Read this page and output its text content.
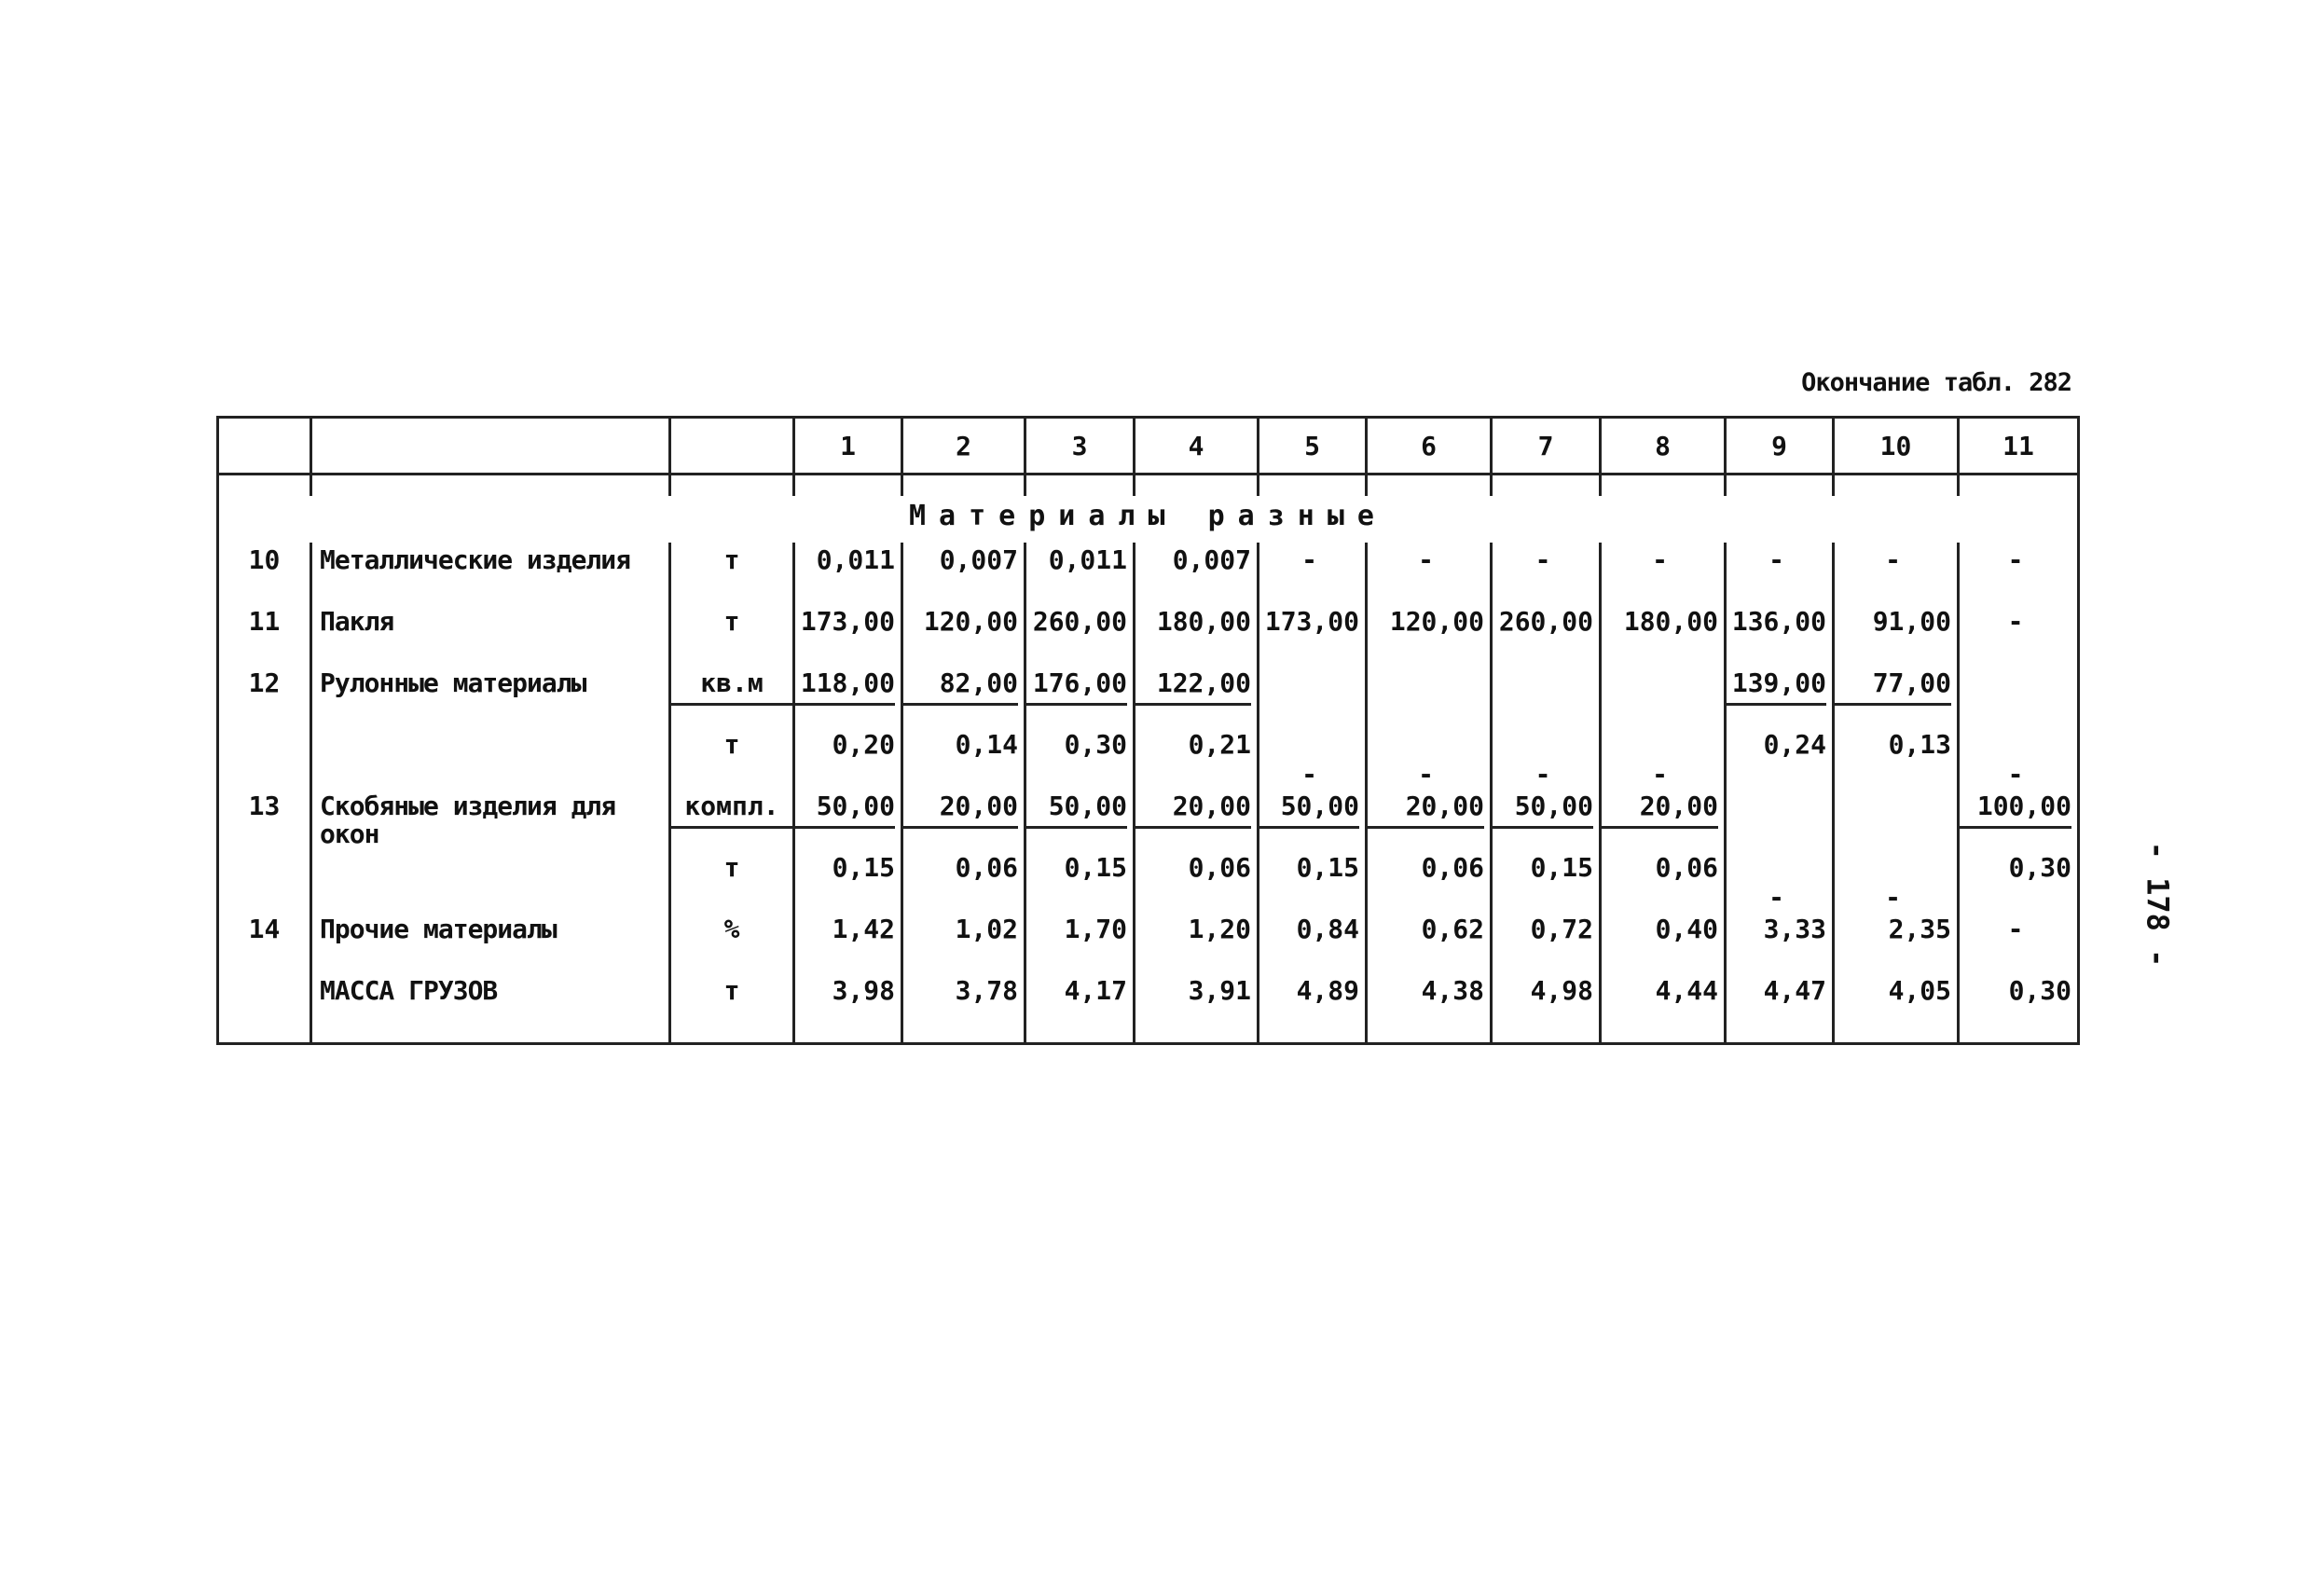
Окончание табл. 282
- 178 -
			1	2	3	4	5	6	7	8	9	10	11

Материалы разные													
10	Металлические изделия	т	0,011	0,007	0,011	0,007	-	-	-	-	-	-	-
11	Пакля	т	173,00	120,00	260,00	180,00	173,00	120,00	260,00	180,00	136,00	91,00	-
12	Рулонные материалы	кв.м	118,00	82,00	176,00	122,00	-	-	-	-	139,00	77,00	-
		т	0,20	0,14	0,30	0,21					0,24	0,13	
13	Скобяные изделия для окон	компл.	50,00	20,00	50,00	20,00	50,00	20,00	50,00	20,00	-	-	100,00

		т	0,15	0,06	0,15	0,06	0,15	0,06	0,15	0,06			0,30
14	Прочие материалы	%	1,42	1,02	1,70	1,20	0,84	0,62	0,72	0,40	3,33	2,35	-
	МАССА ГРУЗОВ	т	3,98	3,78	4,17	3,91	4,89	4,38	4,98	4,44	4,47	4,05	0,30
